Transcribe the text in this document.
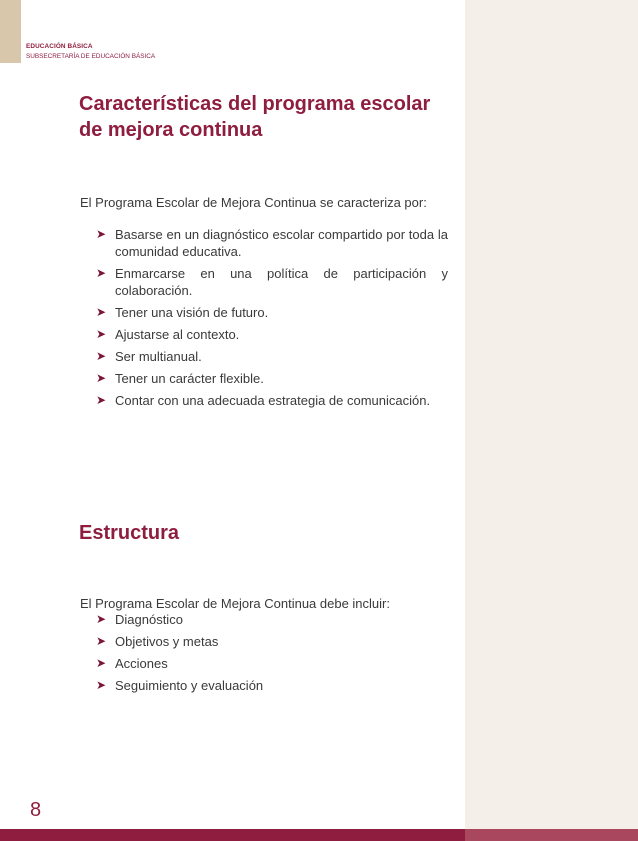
EDUCACIÓN BÁSICA
SUBSECRETARÍA DE EDUCACIÓN BÁSICA
Características del programa escolar de mejora continua

El Programa Escolar de Mejora Continua se caracteriza por:

➤ Basarse en un diagnóstico escolar compartido por toda la comunidad educativa.
➤ Enmarcarse en una política de participación y colaboración.
➤ Tener una visión de futuro.
➤ Ajustarse al contexto.
➤ Ser multianual.
➤ Tener un carácter flexible.
➤ Contar con una adecuada estrategia de comunicación.
Estructura

El Programa Escolar de Mejora Continua debe incluir:

➤ Diagnóstico
➤ Objetivos y metas
➤ Acciones
➤ Seguimiento y evaluación
8
